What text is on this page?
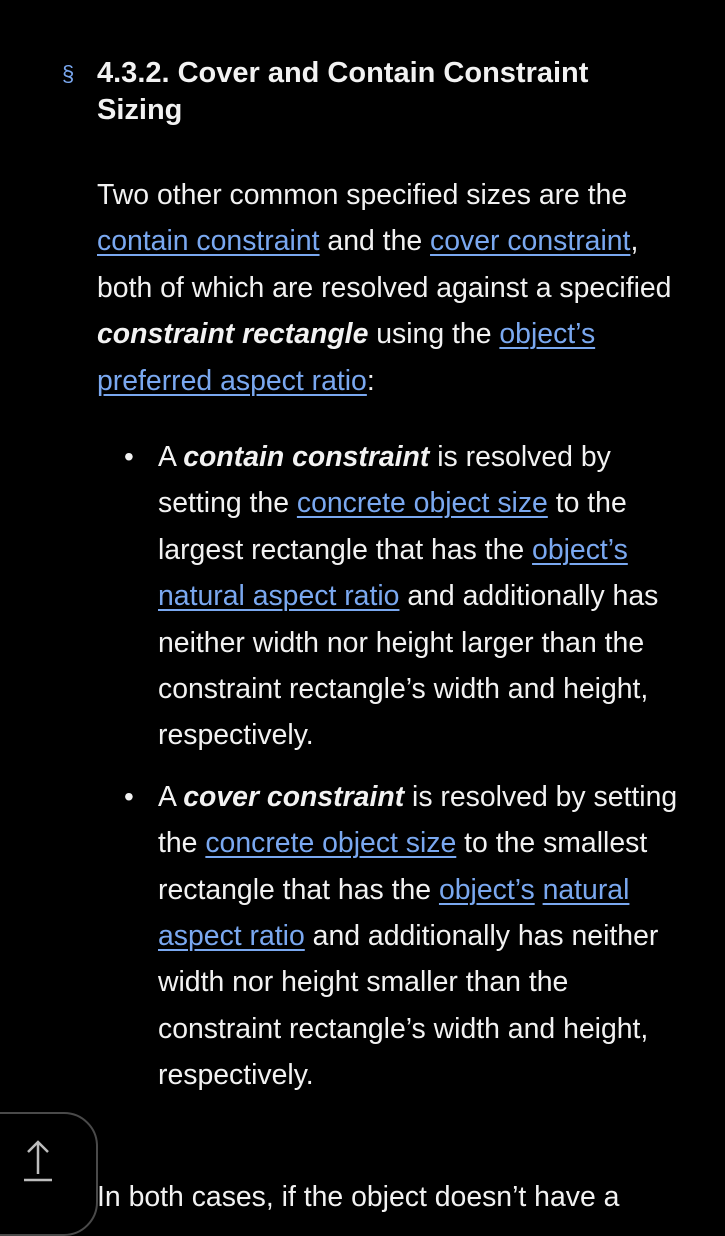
§ 4.3.2. Cover and Contain Constraint Sizing

Two other common specified sizes are the contain constraint and the cover constraint, both of which are resolved against a specified constraint rectangle using the object’s preferred aspect ratio:

• A contain constraint is resolved by setting the concrete object size to the largest rectangle that has the object’s natural aspect ratio and additionally has neither width nor height larger than the constraint rectangle’s width and height, respectively.
• A cover constraint is resolved by setting the concrete object size to the smallest rectangle that has the object’s natural aspect ratio and additionally has neither width nor height smaller than the constraint rectangle’s width and height, respectively.

In both cases, if the object doesn’t have a
